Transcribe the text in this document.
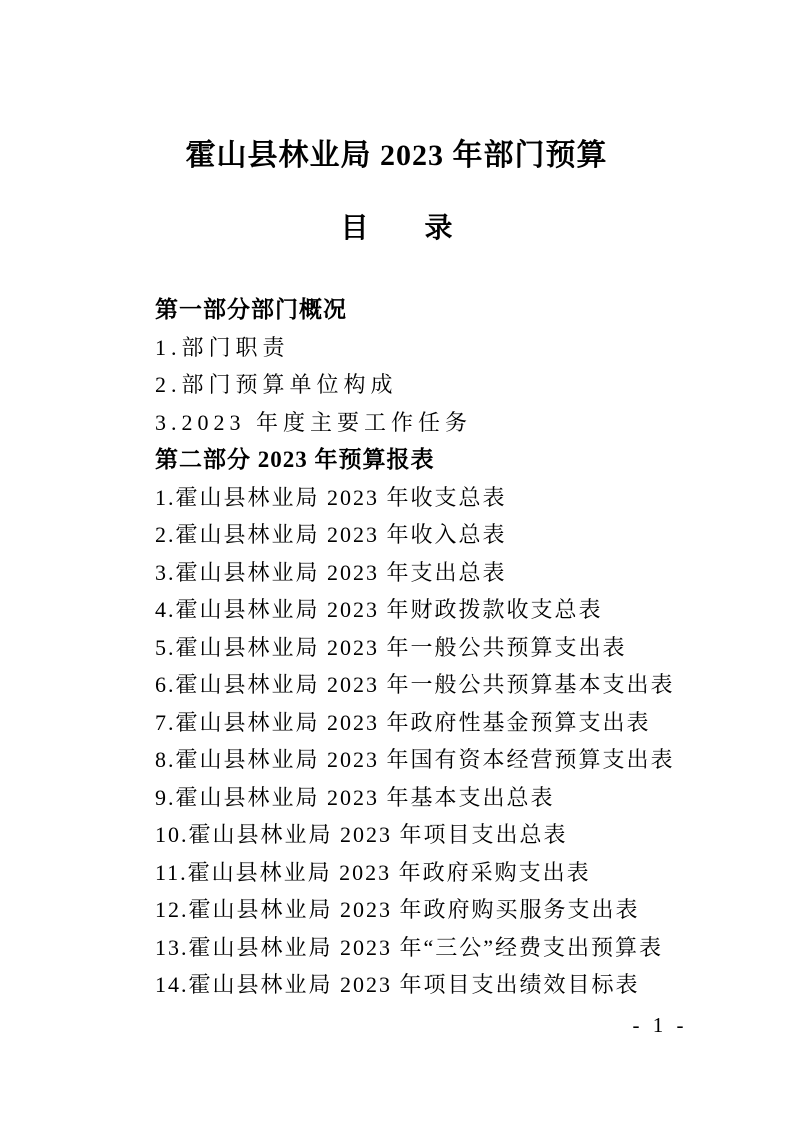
霍山县林业局 2023 年部门预算
目　　录
第一部分部门概况
1.部门职责
2.部门预算单位构成
3.2023 年度主要工作任务
第二部分 2023 年预算报表
1.霍山县林业局 2023 年收支总表
2.霍山县林业局 2023 年收入总表
3.霍山县林业局 2023 年支出总表
4.霍山县林业局 2023 年财政拨款收支总表
5.霍山县林业局 2023 年一般公共预算支出表
6.霍山县林业局 2023 年一般公共预算基本支出表
7.霍山县林业局 2023 年政府性基金预算支出表
8.霍山县林业局 2023 年国有资本经营预算支出表
9.霍山县林业局 2023 年基本支出总表
10.霍山县林业局 2023 年项目支出总表
11.霍山县林业局 2023 年政府采购支出表
12.霍山县林业局 2023 年政府购买服务支出表
13.霍山县林业局 2023 年“三公”经费支出预算表
14.霍山县林业局 2023 年项目支出绩效目标表
- 1 -
